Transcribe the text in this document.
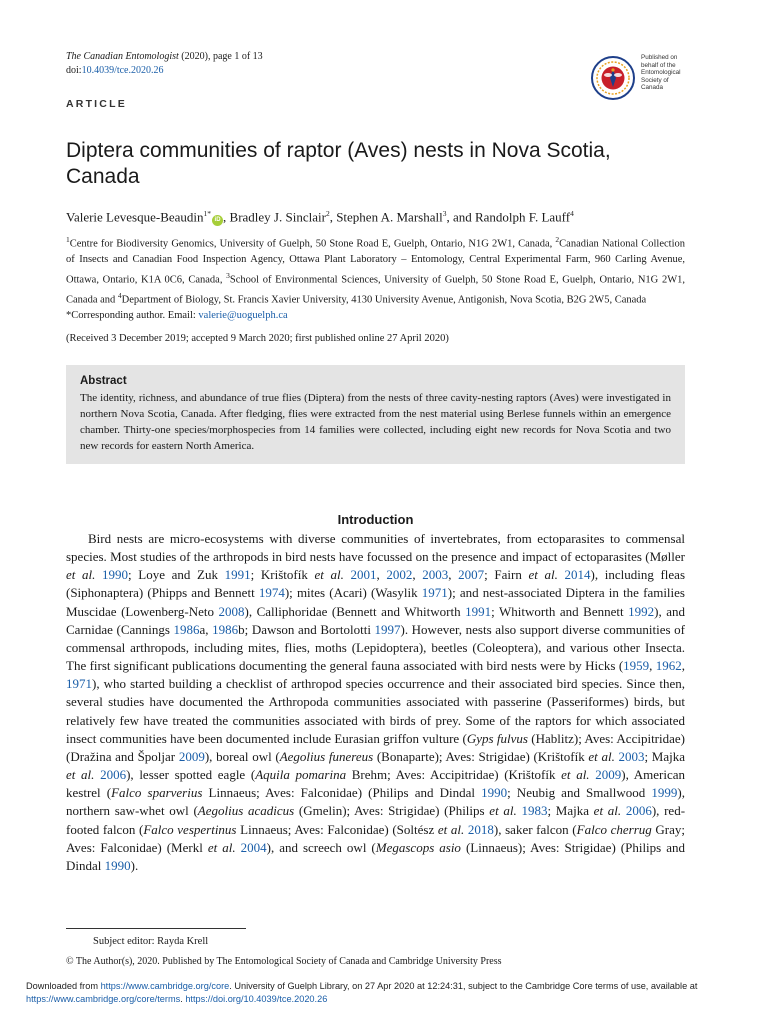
The Canadian Entomologist (2020), page 1 of 13
doi:10.4039/tce.2020.26
Published on
behalf of the
Entomological
Society of
Canada
ARTICLE
Diptera communities of raptor (Aves) nests in Nova Scotia, Canada
Valerie Levesque-Beaudin$^{1*}$iD , Bradley J. Sinclair$^2$, Stephen A. Marshall$^3$, and Randolph F. Lauff$^4$
$^1$Centre for Biodiversity Genomics, University of Guelph, 50 Stone Road E, Guelph, Ontario, N1G 2W1, Canada, $^2$Canadian National Collection of Insects and Canadian Food Inspection Agency, Ottawa Plant Laboratory – Entomology, Central Experimental Farm, 960 Carling Avenue, Ottawa, Ontario, K1A 0C6, Canada, $^3$School of Environmental Sciences, University of Guelph, 50 Stone Road E, Guelph, Ontario, N1G 2W1, Canada and $^4$Department of Biology, St. Francis Xavier University, 4130 University Avenue, Antigonish, Nova Scotia, B2G 2W5, Canada
*Corresponding author. Email: valerie@uoguelph.ca
(Received 3 December 2019; accepted 9 March 2020; first published online 27 April 2020)
Abstract

The identity, richness, and abundance of true flies (Diptera) from the nests of three cavity-nesting raptors (Aves) were investigated in northern Nova Scotia, Canada. After fledging, flies were extracted from the nest material using Berlese funnels within an emergence chamber. Thirty-one species/morphospecies from 14 families were collected, including eight new records for Nova Scotia and two new records for eastern North America.

Introduction

Bird nests are micro-ecosystems with diverse communities of invertebrates, from ectoparasites to commensal species. Most studies of the arthropods in bird nests have focussed on the presence and impact of ectoparasites (Møller et al. 1990; Loye and Zuk 1991; Krištofík et al. 2001, 2002, 2003, 2007; Fairn et al. 2014), including fleas (Siphonaptera) (Phipps and Bennett 1974); mites (Acari) (Wasylik 1971); and nest-associated Diptera in the families Muscidae (Lowenberg-Neto 2008), Calliphoridae (Bennett and Whitworth 1991; Whitworth and Bennett 1992), and Carnidae (Cannings 1986a, 1986b; Dawson and Bortolotti 1997). However, nests also support diverse communities of commensal arthropods, including mites, flies, moths (Lepidoptera), beetles (Coleoptera), and various other Insecta. The first significant publications documenting the general fauna associated with bird nests were by Hicks (1959, 1962, 1971), who started building a checklist of arthropod species occurrence and their associated bird species. Since then, several studies have documented the Arthropoda communities associated with passerine (Passeriformes) birds, but relatively few have treated the communities associated with birds of prey. Some of the raptors for which associated insect communities have been documented include Eurasian griffon vulture (Gyps fulvus (Hablitz); Aves: Accipitridae) (Dražina and Špoljar 2009), boreal owl (Aegolius funereus (Bonaparte); Aves: Strigidae) (Krištofík et al. 2003; Majka et al. 2006), lesser spotted eagle (Aquila pomarina Brehm; Aves: Accipitridae) (Krištofík et al. 2009), American kestrel (Falco sparverius Linnaeus; Aves: Falconidae) (Philips and Dindal 1990; Neubig and Smallwood 1999), northern saw-whet owl (Aegolius acadicus (Gmelin); Aves: Strigidae) (Philips et al. 1983; Majka et al. 2006), red-footed falcon (Falco vespertinus Linnaeus; Aves: Falconidae) (Soltész et al. 2018), saker falcon (Falco cherrug Gray; Aves: Falconidae) (Merkl et al. 2004), and screech owl (Megascops asio (Linnaeus); Aves: Strigidae) (Philips and Dindal 1990).

Subject editor: Rayda Krell
© The Author(s), 2020. Published by The Entomological Society of Canada and Cambridge University Press
Downloaded from https://www.cambridge.org/core. University of Guelph Library, on 27 Apr 2020 at 12:24:31, subject to the Cambridge Core terms of use, available at https://www.cambridge.org/core/terms. https://doi.org/10.4039/tce.2020.26
